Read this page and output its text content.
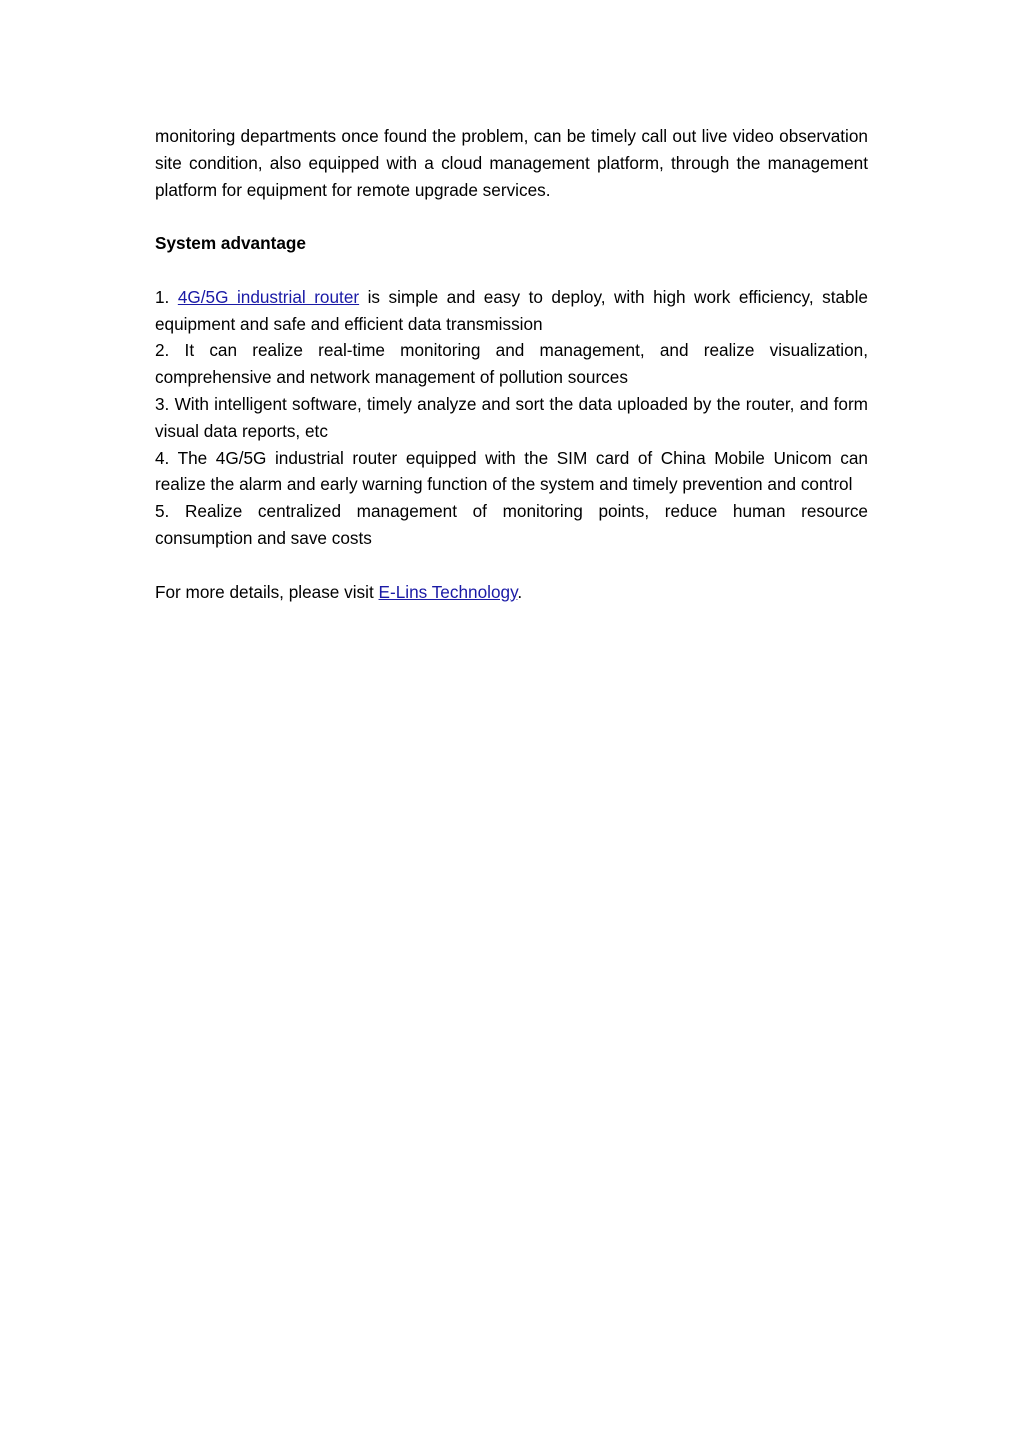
monitoring departments once found the problem, can be timely call out live video observation site condition, also equipped with a cloud management platform, through the management platform for equipment for remote upgrade services.

System advantage

1. 4G/5G industrial router is simple and easy to deploy, with high work efficiency, stable equipment and safe and efficient data transmission

2. It can realize real-time monitoring and management, and realize visualization, comprehensive and network management of pollution sources

3. With intelligent software, timely analyze and sort the data uploaded by the router, and form visual data reports, etc

4. The 4G/5G industrial router equipped with the SIM card of China Mobile Unicom can realize the alarm and early warning function of the system and timely prevention and control

5. Realize centralized management of monitoring points, reduce human resource consumption and save costs

For more details, please visit E-Lins Technology.
